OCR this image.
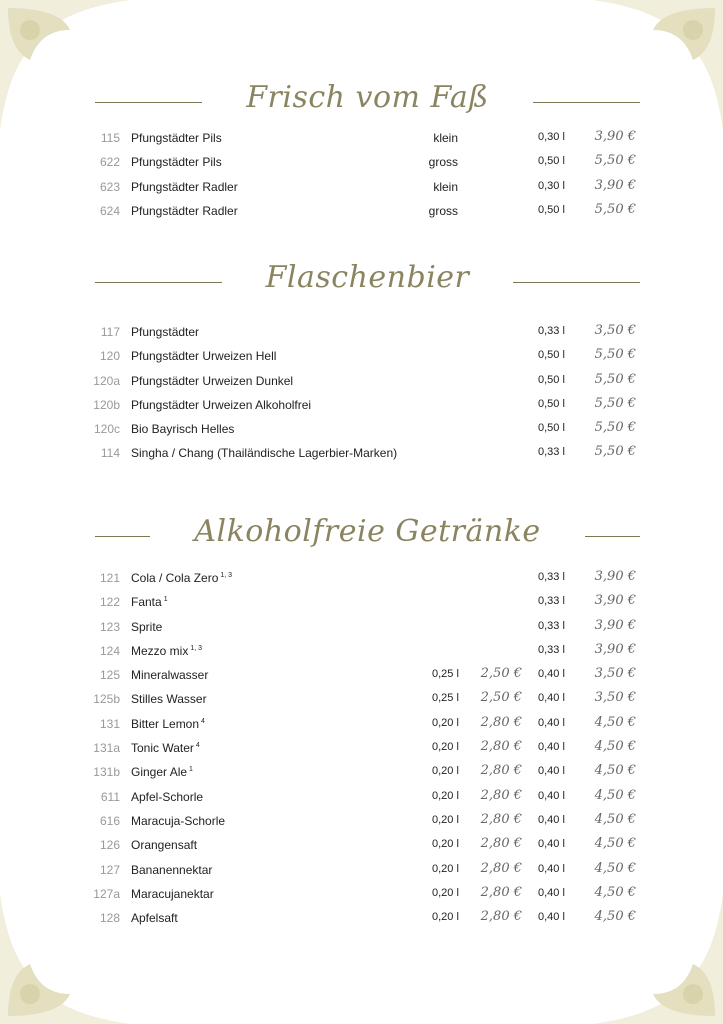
Frisch vom Faß
115 Pfungstädter Pils	klein	0,30 l 3,90 €
622 Pfungstädter Pils	gross	0,50 l 5,50 €
623 Pfungstädter Radler	klein	0,30 l 3,90 €
624 Pfungstädter Radler	gross	0,50 l 5,50 €
Flaschenbier
117 Pfungstädter	0,33 l 3,50 €
120 Pfungstädter Urweizen Hell	0,50 l 5,50 €
120a Pfungstädter Urweizen Dunkel	0,50 l 5,50 €
120b Pfungstädter Urweizen Alkoholfrei	0,50 l 5,50 €
120c Bio Bayrisch Helles	0,50 l 5,50 €
114 Singha / Chang (Thailändische Lagerbier-Marken)	0,33 l 5,50 €
Alkoholfreie Getränke
121 Cola / Cola Zero $^{1, 3}$	0,33 l 3,90 €
122 Fanta $^1$	0,33 l 3,90 €
123 Sprite	0,33 l 3,90 €
124 Mezzo mix $^{1, 3}$	0,33 l 3,90 €
125 Mineralwasser	0,25 l 2,50 € 0,40 l 3,50 €
125b Stilles Wasser	0,25 l 2,50 € 0,40 l 3,50 €
131 Bitter Lemon $^4$	0,20 l 2,80 € 0,40 l 4,50 €
131a Tonic Water $^4$	0,20 l 2,80 € 0,40 l 4,50 €
131b Ginger Ale $^1$	0,20 l 2,80 € 0,40 l 4,50 €
611 Apfel-Schorle	0,20 l 2,80 € 0,40 l 4,50 €
616 Maracuja-Schorle	0,20 l 2,80 € 0,40 l 4,50 €
126 Orangensaft	0,20 l 2,80 € 0,40 l 4,50 €
127 Bananennektar	0,20 l 2,80 € 0,40 l 4,50 €
127a Maracujanektar	0,20 l 2,80 € 0,40 l 4,50 €
128 Apfelsaft	0,20 l 2,80 € 0,40 l 4,50 €
